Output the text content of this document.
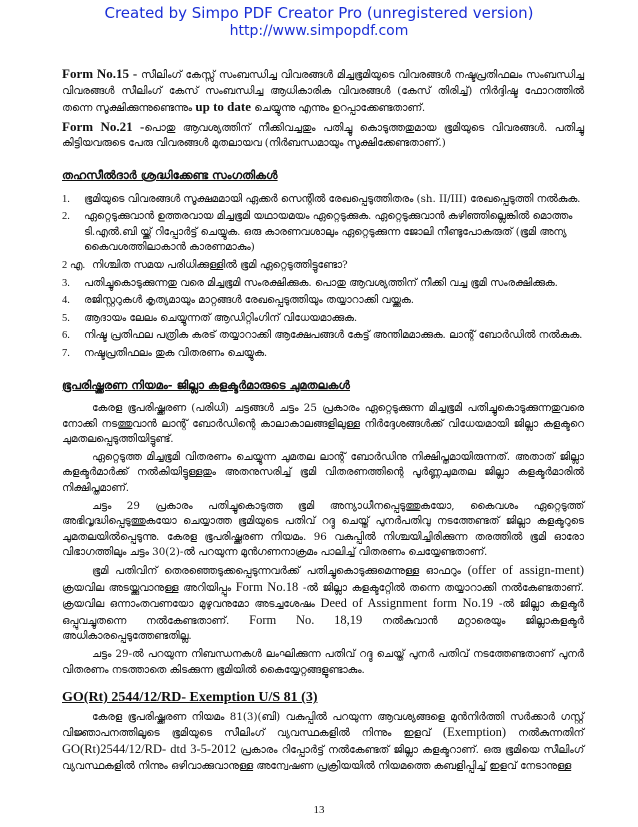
Created by Simpo PDF Creator Pro (unregistered version)
http://www.simpopdf.com

Form No.15 - സീലിംഗ് കേസ്സ് സംബന്ധിച്ച വിവരങ്ങൾ മിച്ചഭൂമിയുടെ വിവരങ്ങൾ നഷ്ടപ്രതിഫലം സംബന്ധിച്ച വിവരങ്ങൾ സീലിംഗ് കേസ് സംബന്ധിച്ച ആധികാരിക വിവരങ്ങൾ (കേസ് തിരിച്ച്) നിർദ്ദിഷ്ട ഫോറത്തിൽ തന്നെ സൂക്ഷിക്കുന്നുണ്ടെന്നും up to date ചെയ്യുന്നു എന്നും ഉറപ്പാക്കേണ്ടതാണ്.

Form No.21 -പൊതു ആവശ്യത്തിന് നീക്കിവച്ചതും പതിച്ചു കൊടുത്തതുമായ ഭൂമിയുടെ വിവരങ്ങൾ. പതിച്ചു കിട്ടിയവരുടെ പേരു വിവരങ്ങൾ മുതലായവ (നിർബന്ധമായും സൂക്ഷിക്കേണ്ടതാണ്.)

തഹസീൽദാർ ശ്രദ്ധിക്കേണ്ട സംഗതികൾ
1. ഭൂമിയുടെ വിവരങ്ങൾ സൂക്ഷമമായി ഏക്കർ സെന്റിൽ രേഖപ്പെടുത്തിതരം (sh. II/III) രേഖപ്പെടുത്തി നൽകുക.
2. ഏറ്റെടുക്കുവാൻ ഉത്തരവായ മിച്ചഭൂമി യഥായമയം ഏറ്റെടുക്കുക. ഏറ്റെടുക്കുവാൻ കഴിഞ്ഞില്ലെങ്കിൽ മൊത്തം ടി.എൽ.ബി യ്ക്ക് റിപ്പോർട്ട് ചെയ്യുക. ഒരു കാരണവശാലും ഏറ്റെടുക്കുന്ന ജോലി നീണ്ടുപോകരുത് (ഭൂമി അന്യ കൈവശത്തിലാകാൻ കാരണമാകും)
2 എ. നിശ്ചിത സമയ പരിധിക്കുള്ളിൽ ഭൂമി ഏറ്റെടുത്തിട്ടുണ്ടോ?
3. പതിച്ചുകൊടുക്കുന്നതു വരെ മിച്ചഭൂമി സംരക്ഷിക്കുക. പൊതു ആവശ്യത്തിന് നീക്കി വച്ച ഭൂമി സംരക്ഷിക്കുക.
4. രജിസ്റ്ററുകൾ കൃത്യമായും മാറ്റങ്ങൾ രേഖപ്പെടുത്തിയും തയ്യാറാക്കി വയ്ക്കുക.
5. ആദായം ലേലം ചെയ്യുന്നത് ആഡിറ്റിംഗിന് വിധേയമാക്കുക.
6. നിഷ്ട പ്രതിഫല പത്രിക കരട് തയ്യാറാക്കി ആക്ഷേപങ്ങൾ കേട്ട് അന്തിമമാക്കുക. ലാന്റ് ബോർഡിൽ നൽകുക.
7. നഷ്ടപ്രതിഫലം തുക വിതരണം ചെയ്യുക.
ഭൂപരിഷ്ക്കരണ നിയമം- ജില്ലാ കളക്ടർമാരുടെ ചുമതലകൾ

കേരള ഭൂപരിഷ്ക്കരണ (പരിധി) ചട്ടങ്ങൾ ചട്ടം 25 പ്രകാരം ഏറ്റെടുക്കുന്ന മിച്ചഭൂമി പതിച്ചുകൊടുക്കുന്നതുവരെ നോക്കി നടത്തുവാൻ ലാന്റ് ബോർഡിന്റെ കാലാകാലങ്ങളിലുള്ള നിർദ്ദേശങ്ങൾക്ക് വിധേയമായി ജില്ലാ കളക്ടറെ ചുമതലപ്പെടുത്തിയിട്ടുണ്ട്.

ഏറ്റെടുത്ത മിച്ചഭൂമി വിതരണം ചെയ്യുന്ന ചുമതല ലാന്റ് ബോർഡിനു നിക്ഷിപ്തമായിരുന്നത്. അതാത് ജില്ലാ കളക്ടർമാർക്ക് നൽകിയിട്ടുള്ളതും അതനുസരിച്ച് ഭൂമി വിതരണത്തിന്റെ പൂർണ്ണചുമതല ജില്ലാ കളക്ടർമാരിൽ നിക്ഷിപ്തമാണ്.

ചട്ടം 29 പ്രകാരം പതിച്ചുകൊടുത്ത ഭൂമി അന്യാധീനപ്പെടുത്തുകയോ, കൈവശം ഏറ്റെടുത്ത് അഭിവൃദ്ധിപ്പെടുത്തുകയോ ചെയ്യാത്ത ഭൂമിയുടെ പതിവ് റദ്ദു ചെയ്ത് പുനർപതിവു നടത്തേണ്ടത് ജില്ലാ കളക്ടറുടെ ചുമതലയിൽപ്പെടുന്നു. കേരള ഭൂപരിഷ്ക്കരണ നിയമം. 96 വകുപ്പിൽ നിശ്ചയിച്ചിരിക്കുന്ന തരത്തിൽ ഭൂമി ഓരോ വിഭാഗത്തിലും ചട്ടം 30(2)-ൽ പറയുന്ന മുൻഗണനാക്രമം പാലിച്ച് വിതരണം ചെയ്യേണ്ടതാണ്.

ഭൂമി പതിവിന് തെരഞ്ഞെടുക്കപ്പെടുന്നവർക്ക് പതിച്ചുകൊടുക്കുമെന്നുള്ള ഓഫറും (offer of assign-ment) ക്രയവില അടയ്ക്കുവാനുള്ള അറിയിപ്പും Form No.18 -ൽ ജില്ലാ കളക്ടറ്റേിൽ തന്നെ തയ്യാറാക്കി നൽകേണ്ടതാണ്. ക്രയവില ഒന്നാംതവണയോ മുഴുവനുമോ അടച്ചശേഷം Deed of Assignment form No.19 -ൽ ജില്ലാ കളക്ടർ ഒപ്പുവച്ചുതന്നെ നൽകേണ്ടതാണ്. Form No. 18,19 നൽകുവാൻ മറ്റാരെയും ജില്ലാകളക്ടർ അധികാരപ്പെടുത്തേണ്ടതില്ല.

ചട്ടം 29-ൽ പറയുന്ന നിബന്ധനകൾ ലംഘിക്കുന്ന പതിവ് റദ്ദു ചെയ്ത് പുനർ പതിവ് നടത്തേണ്ടതാണ് പുനർ വിതരണം നടത്താതെ കിടക്കുന്ന ഭൂമിയിൽ കൈയ്യേറ്റങ്ങളുണ്ടാകും.

GO(Rt) 2544/12/RD- Exemption U/S 81 (3)

കേരള ഭൂപരിഷ്ക്കരണ നിയമം 81(3)(ബി) വകുപ്പിൽ പറയുന്ന ആവശ്യങ്ങളെ മുൻനിർത്തി സർക്കാർ ഗസ്റ്റ് വിജ്ഞാപനത്തിലൂടെ ഭൂമിയുടെ സീലിംഗ് വ്യവസ്ഥകളിൽ നിന്നും ഇളവ് (Exemption) നൽകുന്നതിന് GO(Rt)2544/12/RD- dtd 3-5-2012 പ്രകാരം റിപ്പോർട്ട് നൽകേണ്ടത് ജില്ലാ കളക്ടറാണ്. ഒരു ഭൂമിയെ സീലിംഗ് വ്യവസ്ഥകളിൽ നിന്നും ഒഴിവാക്കുവാനുള്ള അന്വേഷണ പ്രക്രിയയിൽ നിയമത്തെ കബളിപ്പിച്ച് ഇളവ് നേടാനുള്ള

13
